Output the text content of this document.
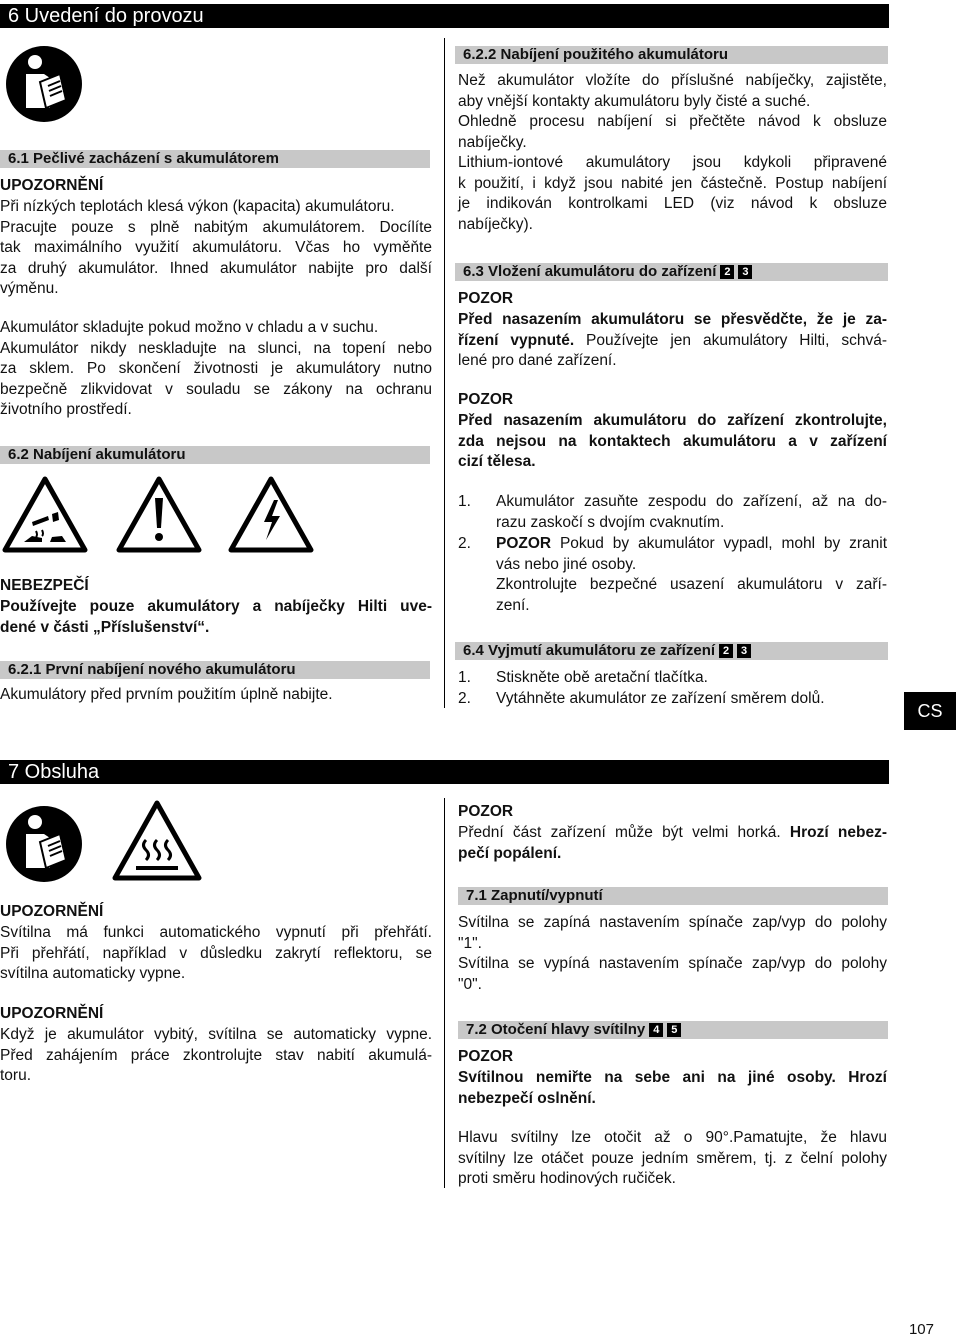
6 Uvedení do provozu
6.1 Pečlivé zacházení s akumulátorem
UPOZORNĚNÍ
Při nízkých teplotách klesá výkon (kapacita) akumulátoru.
Pracujte pouze s plně nabitým akumulátorem. Docílíte
tak maximálního využití akumulátoru. Včas ho vyměňte
za druhý akumulátor. Ihned akumulátor nabijte pro další
výměnu.
Akumulátor skladujte pokud možno v chladu a v suchu.
Akumulátor nikdy neskladujte na slunci, na topení nebo
za sklem. Po skončení životnosti je akumulátory nutno
bezpečně zlikvidovat v souladu se zákony na ochranu
životního prostředí.
6.2 Nabíjení akumulátoru
NEBEZPEČÍ
Používejte pouze akumulátory a nabíječky Hilti uve-
dené v části „Příslušenství“.
6.2.1 První nabíjení nového akumulátoru
Akumulátory před prvním použitím úplně nabijte.
6.2.2 Nabíjení použitého akumulátoru
Než akumulátor vložíte do příslušné nabíječky, zajistěte,
aby vnější kontakty akumulátoru byly čisté a suché.
Ohledně procesu nabíjení si přečtěte návod k obsluze
nabíječky.
Lithium-iontové akumulátory jsou kdykoli připravené
k použití, i když jsou nabité jen částečně. Postup nabíjení
je indikován kontrolkami LED (viz návod k obsluze
nabíječky).
6.3 Vložení akumulátoru do zařízení 2 3
POZOR
Před nasazením akumulátoru se přesvědčte, že je za-
řízení vypnuté. Používejte jen akumulátory Hilti, schvá-
lené pro dané zařízení.
POZOR
Před nasazením akumulátoru do zařízení zkontrolujte,
zda nejsou na kontaktech akumulátoru a v zařízení
cizí tělesa.
1. Akumulátor zasuňte zespodu do zařízení, až na do-
razu zaskočí s dvojím cvaknutím.
2. POZOR Pokud by akumulátor vypadl, mohl by zranit
vás nebo jiné osoby.
Zkontrolujte bezpečné usazení akumulátoru v zaří-
zení.
6.4 Vyjmutí akumulátoru ze zařízení 2 3
1. Stiskněte obě aretační tlačítka.
2. Vytáhněte akumulátor ze zařízení směrem dolů.
CS
7 Obsluha
UPOZORNĚNÍ
Svítilna má funkci automatického vypnutí při přehřátí.
Při přehřátí, například v důsledku zakrytí reflektoru, se
svítilna automaticky vypne.
UPOZORNĚNÍ
Když je akumulátor vybitý, svítilna se automaticky vypne.
Před zahájením práce zkontrolujte stav nabití akumulá-
toru.
POZOR
Přední část zařízení může být velmi horká. Hrozí nebez-
pečí popálení.
7.1 Zapnutí/vypnutí
Svítilna se zapíná nastavením spínače zap/vyp do polohy
"1".
Svítilna se vypíná nastavením spínače zap/vyp do polohy
"0".
7.2 Otočení hlavy svítilny 4 5
POZOR
Svítilnou nemiřte na sebe ani na jiné osoby. Hrozí
nebezpečí oslnění.
Hlavu svítilny lze otočit až o 90°.Pamatujte, že hlavu
svítilny lze otáčet pouze jedním směrem, tj. z čelní polohy
proti směru hodinových ručiček.
107
